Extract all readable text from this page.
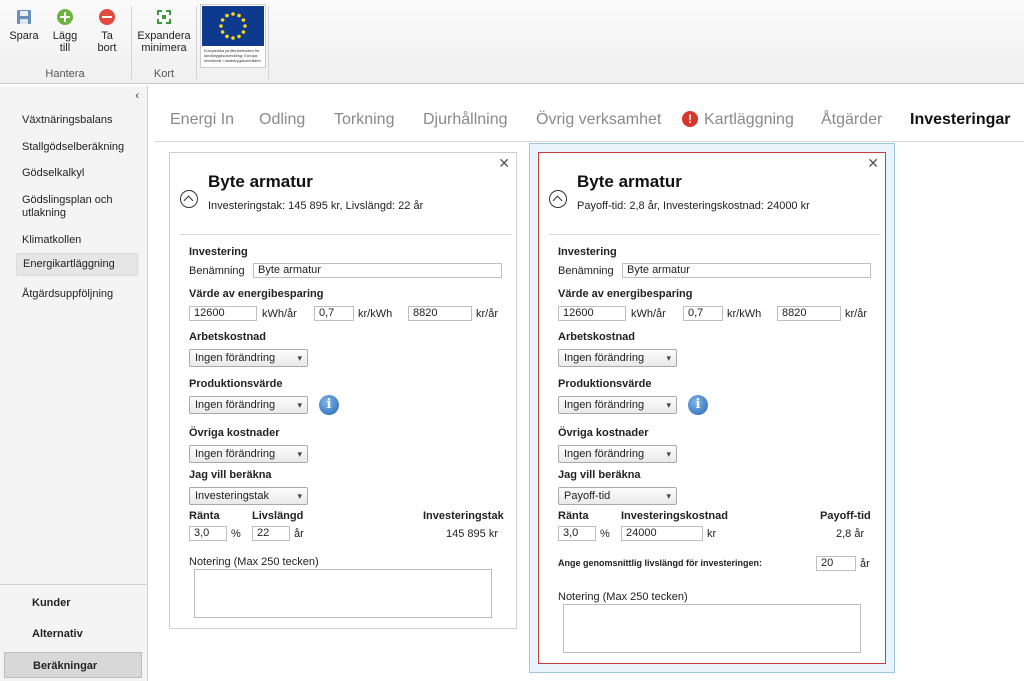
Spara	Lägg
till
Ta
bort
Hantera
Expandera
minimera
Kort
Europeiska jordbruksfonden för landsbygdsutveckling: Europa investerar i landsbygdsområden
‹
Växtnäringsbalans
Stallgödselberäkning
Gödselkalkyl
Gödslingsplan och utlakning
Klimatkollen
Energikartläggning
Åtgärdsuppföljning
Kunder
Alternativ
Beräkningar
Energi In Odling Torkning Djurhållning Övrig verksamhet	! Kartläggning Åtgärder Investeringar
✕
Byte armatur
Investeringstak: 145 895 kr, Livslängd: 22 år
Investering
Benämning	Byte armatur
Värde av energibesparing
12600	kWh/år	0,7	kr/kWh	8820	kr/år
Arbetskostnad
Ingen förändring ▾
Produktionsvärde
Ingen förändring ▾	i
Övriga kostnader
Ingen förändring ▾
Jag vill beräkna
Investeringstak	▾
Ränta	Livslängd	Investeringstak
3,0	%	22	år	145 895 kr
Notering (Max 250 tecken)
✕
Byte armatur
Payoff-tid: 2,8 år, Investeringskostnad: 24000 kr
Investering
Benämning	Byte armatur
Värde av energibesparing
12600	kWh/år	0,7	kr/kWh	8820	kr/år
Arbetskostnad
Ingen förändring ▾
Produktionsvärde
Ingen förändring ▾	i
Övriga kostnader
Ingen förändring ▾
Jag vill beräkna
Payoff-tid	▾
Ränta	Investeringskostnad	Payoff-tid
3,0	%	24000	kr	2,8 år
Ange genomsnittlig livslängd för investeringen:	20	år
Notering (Max 250 tecken)
